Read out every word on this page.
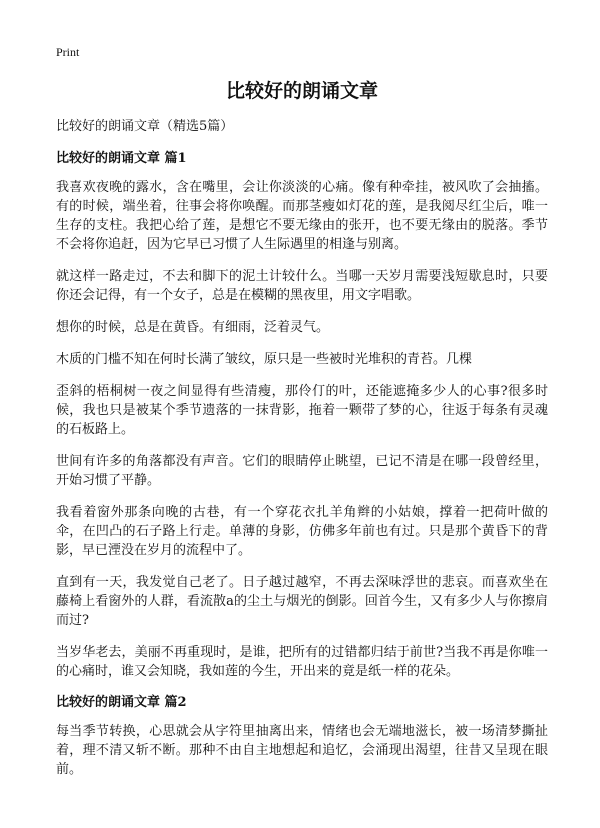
Print
比较好的朗诵文章
比较好的朗诵文章（精选5篇）
比较好的朗诵文章 篇1

我喜欢夜晚的露水，含在嘴里，会让你淡淡的心痛。像有种牵挂，被风吹了会抽搐。有的时候，端坐着，往事会将你唤醒。而那茎瘦如灯花的莲，是我阅尽红尘后，唯一生存的支柱。我把心给了莲，是想它不要无缘由的张开，也不要无缘由的脱落。季节不会将你追赶，因为它早已习惯了人生际遇里的相逢与别离。

就这样一路走过，不去和脚下的泥土计较什么。当哪一天岁月需要浅短歇息时，只要你还会记得，有一个女子，总是在模糊的黑夜里，用文字唱歌。

想你的时候，总是在黄昏。有细雨，泛着灵气。

木质的门槛不知在何时长满了皱纹，原只是一些被时光堆积的青苔。几棵

歪斜的梧桐树一夜之间显得有些清瘦，那伶仃的叶，还能遮掩多少人的心事?很多时候，我也只是被某个季节遗落的一抹背影，拖着一颗带了梦的心，往返于每条有灵魂的石板路上。

世间有许多的角落都没有声音。它们的眼睛停止眺望，已记不清是在哪一段曾经里，开始习惯了平静。

我看着窗外那条向晚的古巷，有一个穿花衣扎羊角辫的小姑娘，撑着一把荷叶做的伞，在凹凸的石子路上行走。单薄的身影，仿佛多年前也有过。只是那个黄昏下的背影，早已湮没在岁月的流程中了。

直到有一天，我发觉自己老了。日子越过越窄，不再去深味浮世的悲哀。而喜欢坐在藤椅上看窗外的人群，看流散a的尘土与烟光的倒影。回首今生，又有多少人与你擦肩而过?

当岁华老去，美丽不再重现时，是谁，把所有的过错都归结于前世?当我不再是你唯一的心痛时，谁又会知晓，我如莲的今生，开出来的竟是纸一样的花朵。

比较好的朗诵文章 篇2

每当季节转换，心思就会从字符里抽离出来，情绪也会无端地滋长，被一场清梦撕扯着，理不清又斩不断。那种不由自主地想起和追忆，会涌现出渴望，往昔又呈现在眼前。
